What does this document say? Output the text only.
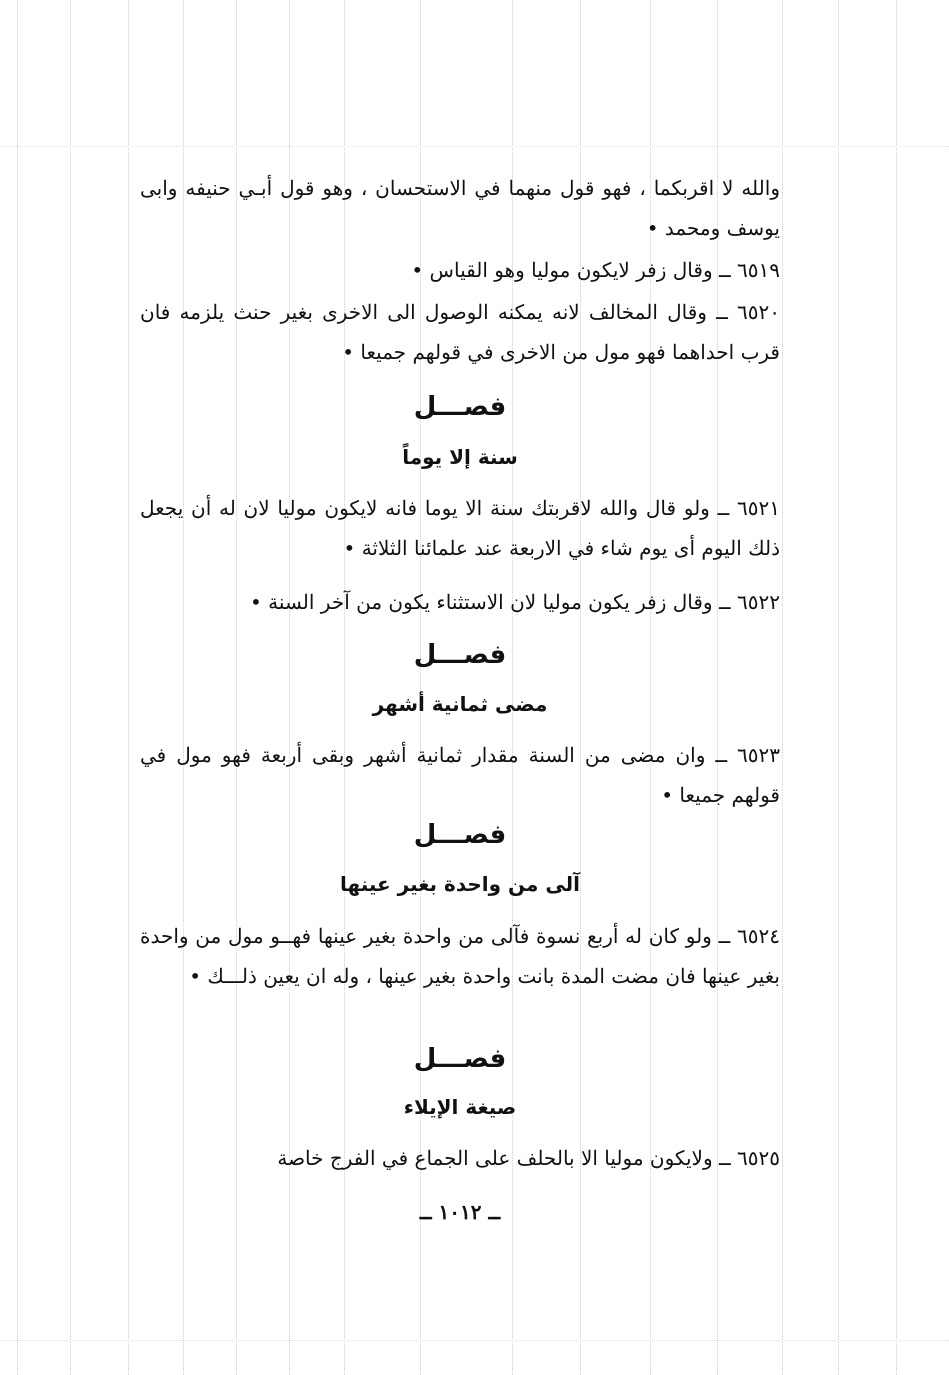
والله لا اقربكما ، فهو قول منهما في الاستحسان ، وهو قول أبـي حنيفه وابى يوسف ومحمد •

٦٥١٩ ــ وقال زفر لايكون موليا وهو القياس •

٦٥٢٠ ــ وقال المخالف لانه يمكنه الوصول الى الاخرى بغير حنث يلزمه فان قرب احداهما فهو مول من الاخرى في قولهم جميعا •

فصـــل
سنة إلا يوماً

٦٥٢١ ــ ولو قال والله لاقربتك سنة الا يوما فانه لايكون موليا لان له أن يجعل ذلك اليوم أى يوم شاء في الاربعة عند علمائنا الثلاثة •

٦٥٢٢ ــ وقال زفر يكون موليا لان الاستثناء يكون من آخر السنة •

فصـــل
مضى ثمانية أشهر

٦٥٢٣ ــ وان مضى من السنة مقدار ثمانية أشهر وبقى أربعة فهو مول في قولهم جميعا •

فصـــل
آلى من واحدة بغير عينها

٦٥٢٤ ــ ولو كان له أربع نسوة فآلى من واحدة بغير عينها فهــو مول من واحدة بغير عينها فان مضت المدة بانت واحدة بغير عينها ، وله ان يعين ذلـــك •

فصـــل
صيغة الإيلاء

٦٥٢٥ ــ ولايكون موليا الا بالحلف على الجماع في الفرج خاصة

ــ ١٠١٢ ــ
